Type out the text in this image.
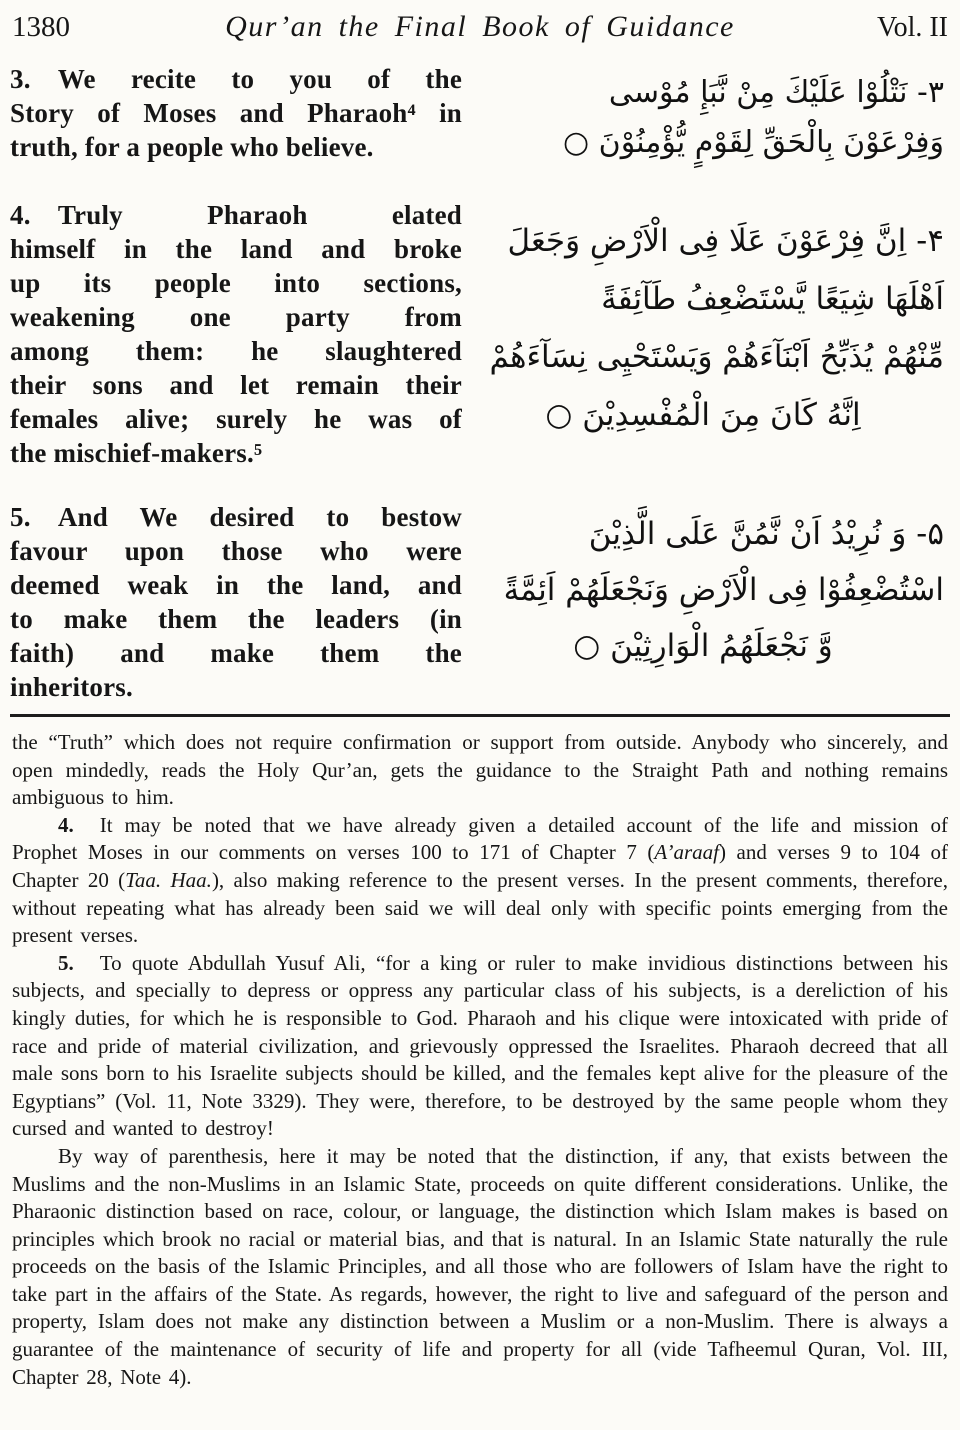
1380	Qur’an the Final Book of Guidance	Vol. II
3. We recite to you of the
Story of Moses and Pharaoh⁴ in
truth, for a people who believe.
۳- نَتْلُوْا عَلَيْكَ مِنْ نَّبَإِ مُوْسى
وَفِرْعَوْنَ بِالْحَقِّ لِقَوْمٍ يُّؤْمِنُوْنَ ○
4. Truly Pharaoh elated
himself in the land and broke
up its people into sections,
weakening one party from
among them: he slaughtered
their sons and let remain their
females alive; surely he was of
the mischief-makers.⁵
۴- اِنَّ فِرْعَوْنَ عَلَا فِى الْاَرْضِ وَجَعَلَ
اَهْلَهَا شِيَعًا يَّسْتَضْعِفُ طَآئِفَةً
مِّنْهُمْ يُذَبِّحُ اَبْنَآءَهُمْ وَيَسْتَحْيِى نِسَآءَهُمْ
اِنَّهُ كَانَ مِنَ الْمُفْسِدِيْنَ ○
5. And We desired to bestow
favour upon those who were
deemed weak in the land, and
to make them the leaders (in
faith) and make them the
inheritors.
۵- وَ نُرِيْدُ اَنْ نَّمُنَّ عَلَى الَّذِيْنَ
اسْتُضْعِفُوْا فِى الْاَرْضِ وَنَجْعَلَهُمْ اَئِمَّةً
وَّ نَجْعَلَهُمُ الْوَارِثِيْنَ ○

the “Truth” which does not require confirmation or support from outside. Anybody who sincerely, and open mindedly, reads the Holy Qur’an, gets the guidance to the Straight Path and nothing remains ambiguous to him.

4. It may be noted that we have already given a detailed account of the life and mission of Prophet Moses in our comments on verses 100 to 171 of Chapter 7 (A’araaf) and verses 9 to 104 of Chapter 20 (Taa. Haa.), also making reference to the present verses. In the present comments, therefore, without repeating what has already been said we will deal only with specific points emerging from the present verses.

5. To quote Abdullah Yusuf Ali, “for a king or ruler to make invidious distinctions between his subjects, and specially to depress or oppress any particular class of his subjects, is a dereliction of his kingly duties, for which he is responsible to God. Pharaoh and his clique were intoxicated with pride of race and pride of material civilization, and grievously oppressed the Israelites. Pharaoh decreed that all male sons born to his Israelite subjects should be killed, and the females kept alive for the pleasure of the Egyptians” (Vol. 11, Note 3329). They were, therefore, to be destroyed by the same people whom they cursed and wanted to destroy!

By way of parenthesis, here it may be noted that the distinction, if any, that exists between the Muslims and the non-Muslims in an Islamic State, proceeds on quite different considerations. Unlike, the Pharaonic distinction based on race, colour, or language, the distinction which Islam makes is based on principles which brook no racial or material bias, and that is natural. In an Islamic State naturally the rule proceeds on the basis of the Islamic Principles, and all those who are followers of Islam have the right to take part in the affairs of the State. As regards, however, the right to live and safeguard of the person and property, Islam does not make any distinction between a Muslim or a non-Muslim. There is always a guarantee of the maintenance of security of life and property for all (vide Tafheemul Quran, Vol. III, Chapter 28, Note 4).
